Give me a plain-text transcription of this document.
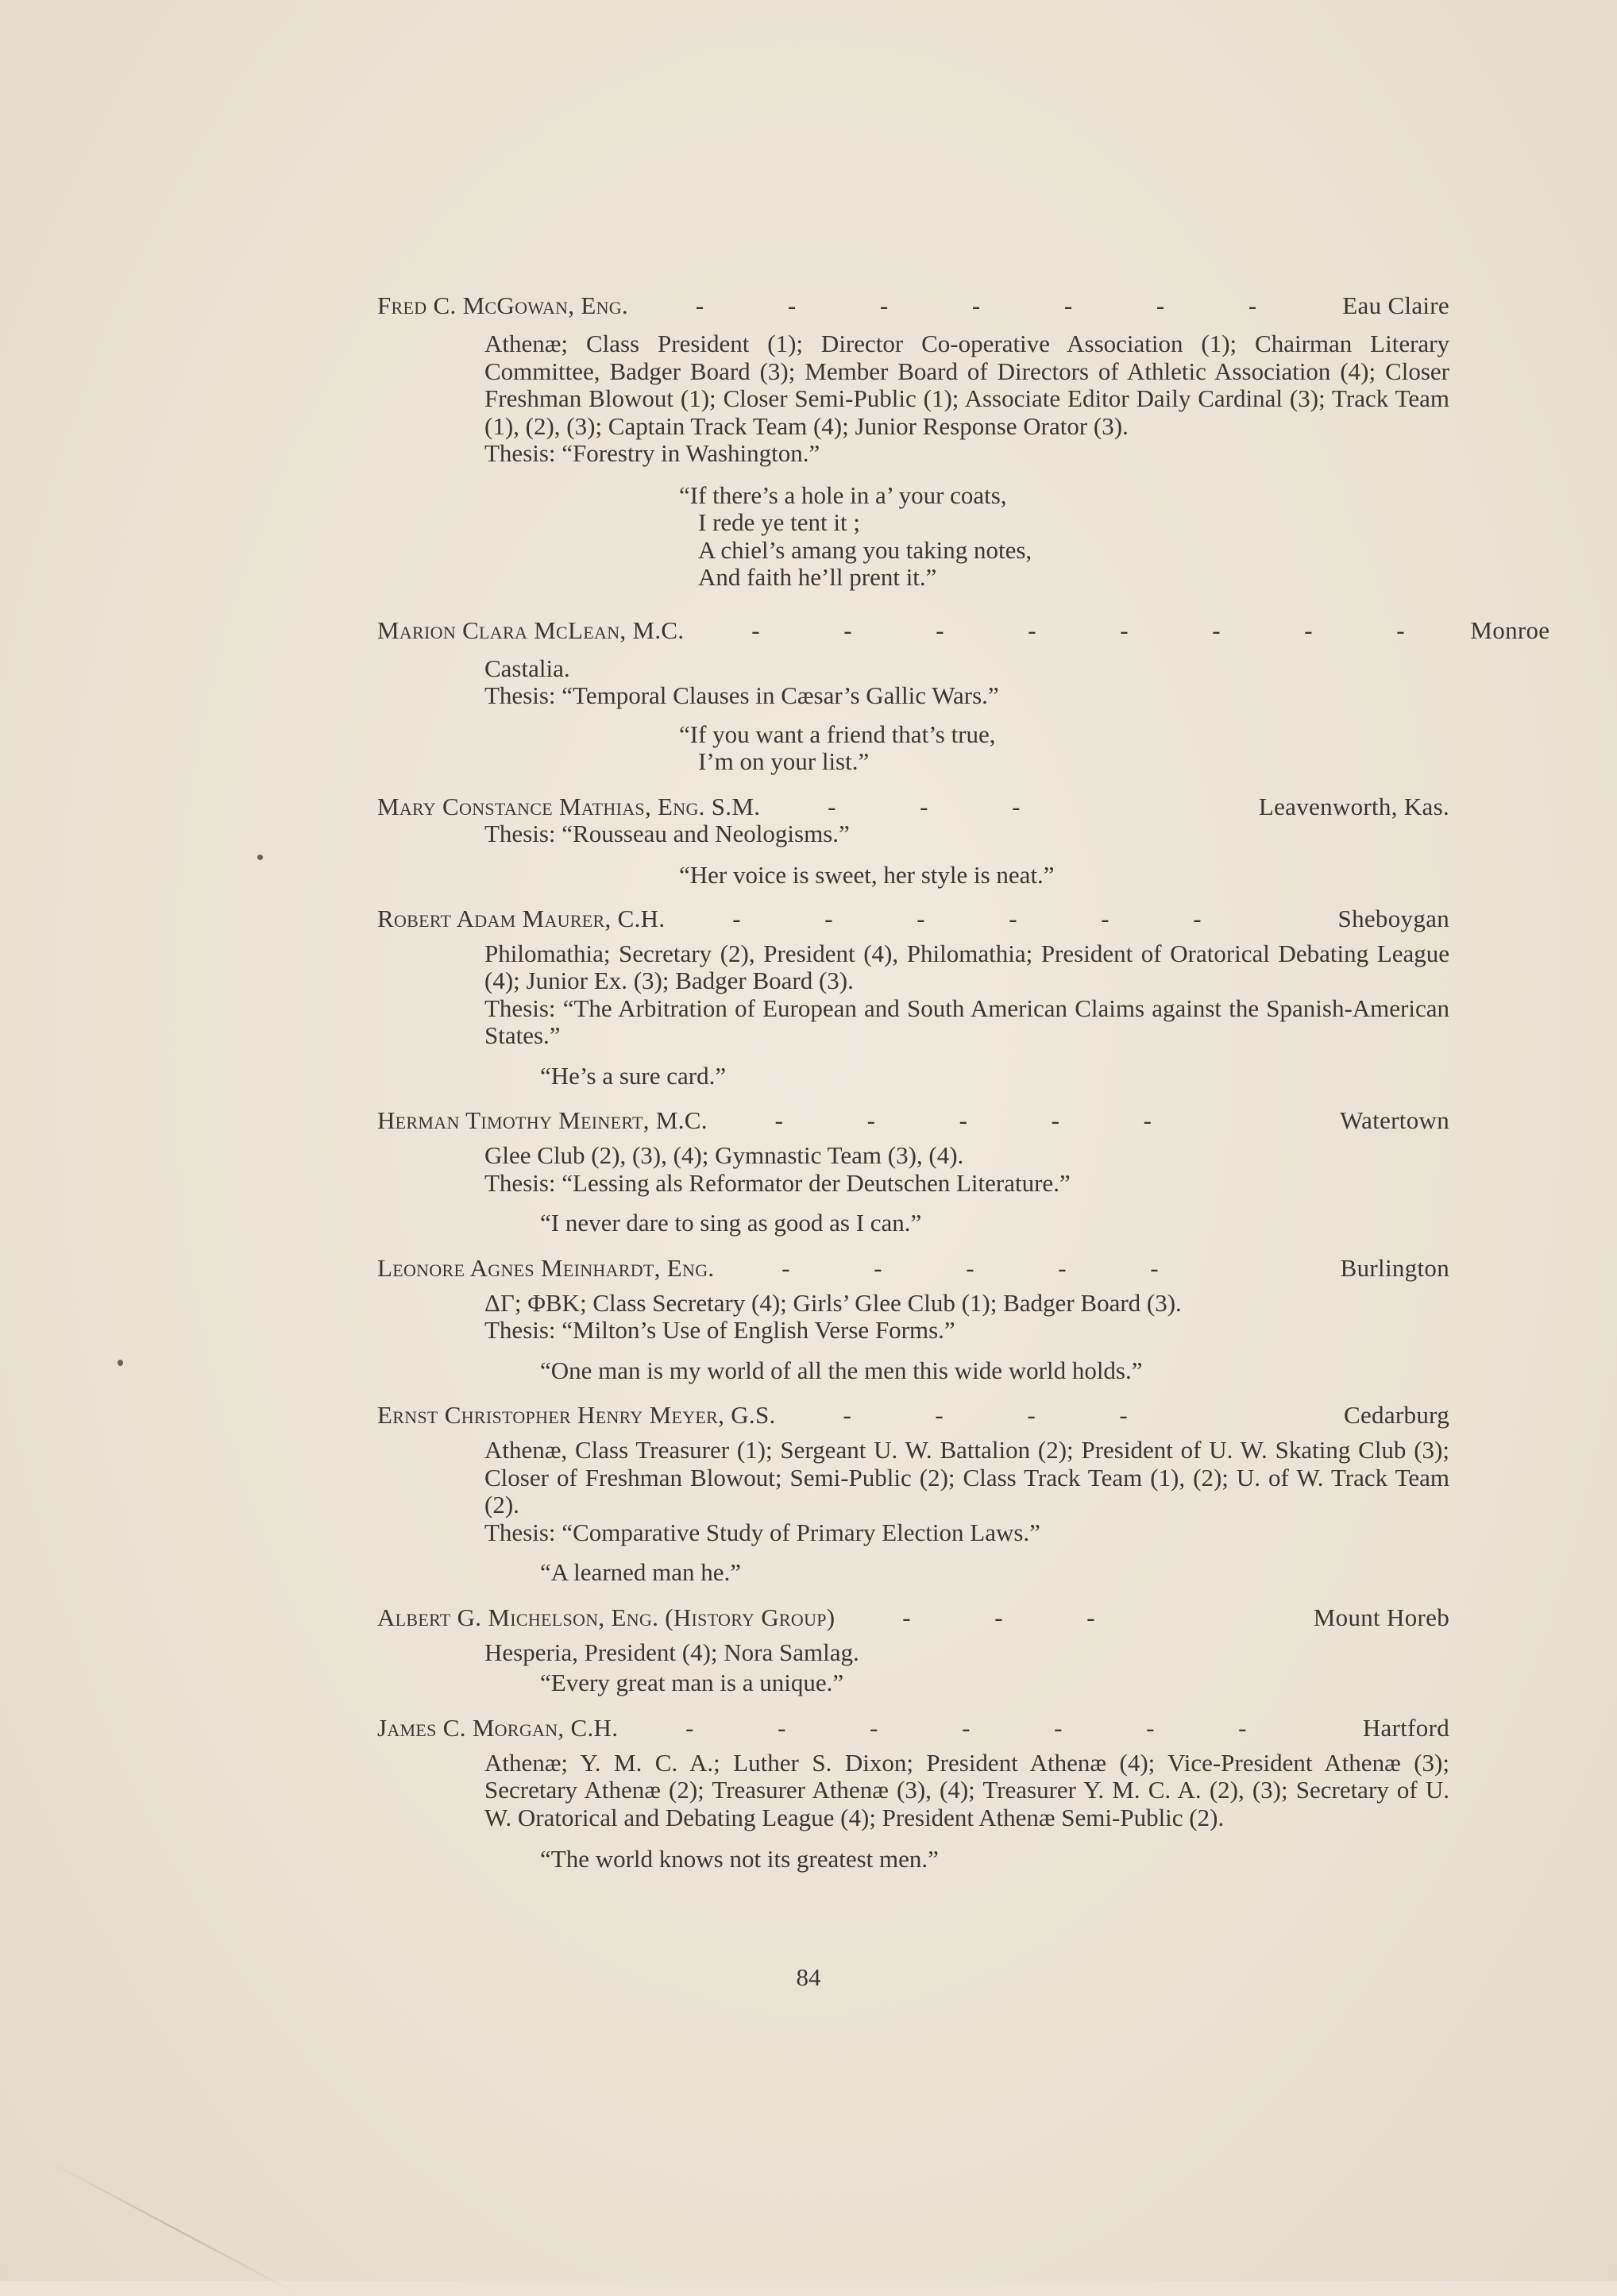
Fred C. McGowan, Eng.	-	-	-	-	-	-	-	Eau Claire

Athenæ; Class President (1); Director Co-operative Association (1); Chairman Literary Committee, Badger Board (3); Member Board of Directors of Athletic Association (4); Closer Freshman Blowout (1); Closer Semi-Public (1); Associate Editor Daily Cardinal (3); Track Team (1), (2), (3); Captain Track Team (4); Junior Response Orator (3).

Thesis: “Forestry in Washington.”

“If there’s a hole in a’ your coats,
I rede ye tent it ;
A chiel’s amang you taking notes,
And faith he’ll prent it.”
Marion Clara McLean, M.C.	-	-	-	-	-	-	-	-	Monroe

Castalia.

Thesis: “Temporal Clauses in Cæsar’s Gallic Wars.”

“If you want a friend that’s true,
I’m on your list.”
Mary Constance Mathias, Eng. S.M.	-	-	-	Leavenworth, Kas.

Thesis: “Rousseau and Neologisms.”

“Her voice is sweet, her style is neat.”
Robert Adam Maurer, C.H.	-	-	-	-	-	-	Sheboygan

Philomathia; Secretary (2), President (4), Philomathia; President of Oratorical Debating League (4); Junior Ex. (3); Badger Board (3).

Thesis: “The Arbitration of European and South American Claims against the Spanish-American States.”

“He’s a sure card.”
Herman Timothy Meinert, M.C.	-	-	-	-	-	Watertown

Glee Club (2), (3), (4); Gymnastic Team (3), (4).

Thesis: “Lessing als Reformator der Deutschen Literature.”

“I never dare to sing as good as I can.”
Leonore Agnes Meinhardt, Eng.	-	-	-	-	-	Burlington

ΔΓ; ΦBK; Class Secretary (4); Girls’ Glee Club (1); Badger Board (3).

Thesis: “Milton’s Use of English Verse Forms.”

“One man is my world of all the men this wide world holds.”
Ernst Christopher Henry Meyer, G.S.	-	-	-	-	Cedarburg

Athenæ, Class Treasurer (1); Sergeant U. W. Battalion (2); President of U. W. Skating Club (3); Closer of Freshman Blowout; Semi-Public (2); Class Track Team (1), (2); U. of W. Track Team (2).

Thesis: “Comparative Study of Primary Election Laws.”

“A learned man he.”
Albert G. Michelson, Eng. (History Group)	-	-	-	Mount Horeb

Hesperia, President (4); Nora Samlag.

“Every great man is a unique.”
James C. Morgan, C.H.	-	-	-	-	-	-	-	Hartford

Athenæ; Y. M. C. A.; Luther S. Dixon; President Athenæ (4); Vice-President Athenæ (3); Secretary Athenæ (2); Treasurer Athenæ (3), (4); Treasurer Y. M. C. A. (2), (3); Secretary of U. W. Oratorical and Debating League (4); President Athenæ Semi-Public (2).

“The world knows not its greatest men.”
84
